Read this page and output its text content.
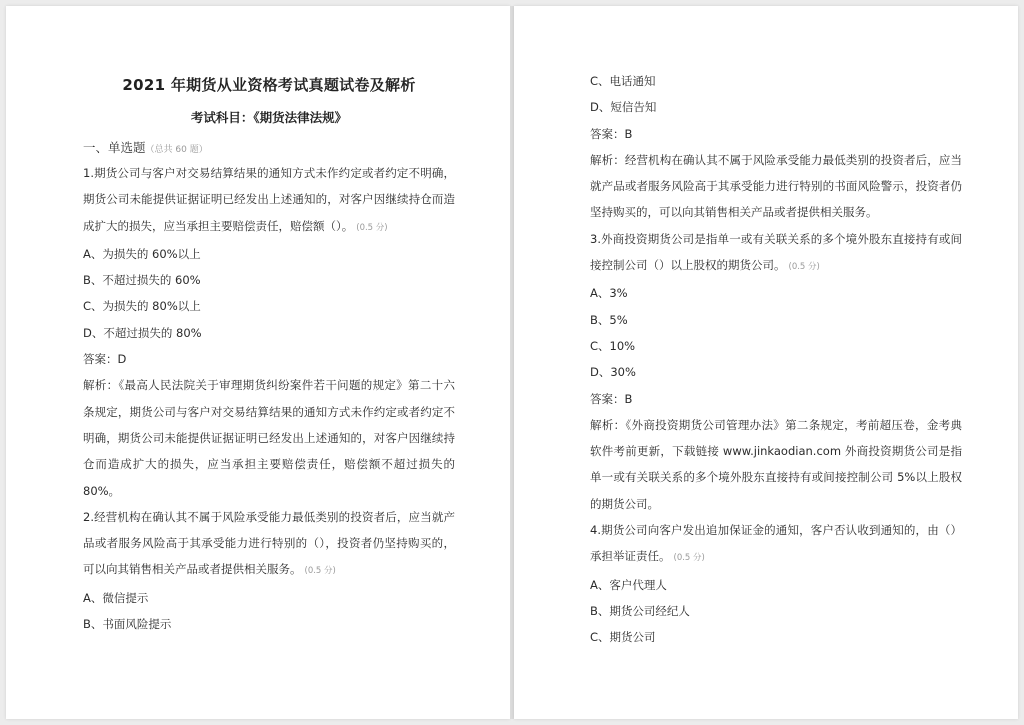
2021 年期货从业资格考试真题试卷及解析
考试科目：《期货法律法规》
一、单选题（总共 60 题）

1.期货公司与客户对交易结算结果的通知方式未作约定或者约定不明确，期货公司未能提供证据证明已经发出上述通知的，对客户因继续持仓而造成扩大的损失，应当承担主要赔偿责任，赔偿额（）。 (0.5 分)

A、为损失的 60%以上
B、不超过损失的 60%
C、为损失的 80%以上
D、不超过损失的 80%
答案：D

解析：《最高人民法院关于审理期货纠纷案件若干问题的规定》第二十六条规定，期货公司与客户对交易结算结果的通知方式未作约定或者约定不明确，期货公司未能提供证据证明已经发出上述通知的，对客户因继续持仓而造成扩大的损失，应当承担主要赔偿责任，赔偿额不超过损失的 80%。

2.经营机构在确认其不属于风险承受能力最低类别的投资者后，应当就产品或者服务风险高于其承受能力进行特别的（），投资者仍坚持购买的，可以向其销售相关产品或者提供相关服务。 (0.5 分)

A、微信提示
B、书面风险提示
C、电话通知
D、短信告知
答案：B

解析：经营机构在确认其不属于风险承受能力最低类别的投资者后，应当就产品或者服务风险高于其承受能力进行特别的书面风险警示，投资者仍坚持购买的，可以向其销售相关产品或者提供相关服务。

3.外商投资期货公司是指单一或有关联关系的多个境外股东直接持有或间接控制公司（）以上股权的期货公司。 (0.5 分)

A、3%
B、5%
C、10%
D、30%
答案：B

解析：《外商投资期货公司管理办法》第二条规定，考前超压卷，金考典软件考前更新，下载链接 www.jinkaodian.com 外商投资期货公司是指单一或有关联关系的多个境外股东直接持有或间接控制公司 5%以上股权的期货公司。

4.期货公司向客户发出追加保证金的通知，客户否认收到通知的，由（）承担举证责任。 (0.5 分)

A、客户代理人
B、期货公司经纪人
C、期货公司
